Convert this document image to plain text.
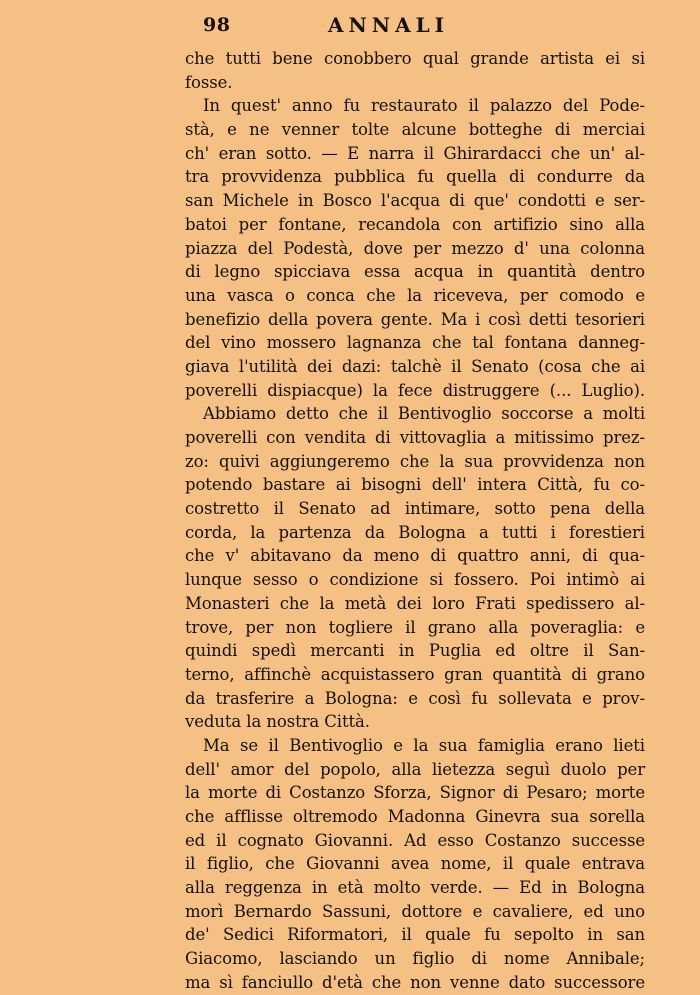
98	ANNALI
che tutti bene conobbero qual grande artista ei si
fosse.
In quest' anno fu restaurato il palazzo del Pode-
stà, e ne venner tolte alcune botteghe di merciai
ch' eran sotto. — E narra il Ghirardacci che un' al-
tra provvidenza pubblica fu quella di condurre da
san Michele in Bosco l'acqua di que' condotti e ser-
batoi per fontane, recandola con artifizio sino alla
piazza del Podestà, dove per mezzo d' una colonna
di legno spicciava essa acqua in quantità dentro
una vasca o conca che la riceveva, per comodo e
benefizio della povera gente. Ma i così detti tesorieri
del vino mossero lagnanza che tal fontana danneg-
giava l'utilità dei dazi: talchè il Senato (cosa che ai
poverelli dispiacque) la fece distruggere (... Luglio).
Abbiamo detto che il Bentivoglio soccorse a molti
poverelli con vendita di vittovaglia a mitissimo prez-
zo: quivi aggiungeremo che la sua provvidenza non
potendo bastare ai bisogni dell' intera Città, fu co-
costretto il Senato ad intimare, sotto pena della
corda, la partenza da Bologna a tutti i forestieri
che v' abitavano da meno di quattro anni, di qua-
lunque sesso o condizione si fossero. Poi intimò ai
Monasteri che la metà dei loro Frati spedissero al-
trove, per non togliere il grano alla poveraglia: e
quindi spedì mercanti in Puglia ed oltre il San-
terno, affinchè acquistassero gran quantità di grano
da trasferire a Bologna: e così fu sollevata e prov-
veduta la nostra Città.
Ma se il Bentivoglio e la sua famiglia erano lieti
dell' amor del popolo, alla lietezza seguì duolo per
la morte di Costanzo Sforza, Signor di Pesaro; morte
che afflisse oltremodo Madonna Ginevra sua sorella
ed il cognato Giovanni. Ad esso Costanzo successe
il figlio, che Giovanni avea nome, il quale entrava
alla reggenza in età molto verde. — Ed in Bologna
morì Bernardo Sassuni, dottore e cavaliere, ed uno
de' Sedici Riformatori, il quale fu sepolto in san
Giacomo, lasciando un figlio di nome Annibale;
ma sì fanciullo d'età che non venne dato successore
